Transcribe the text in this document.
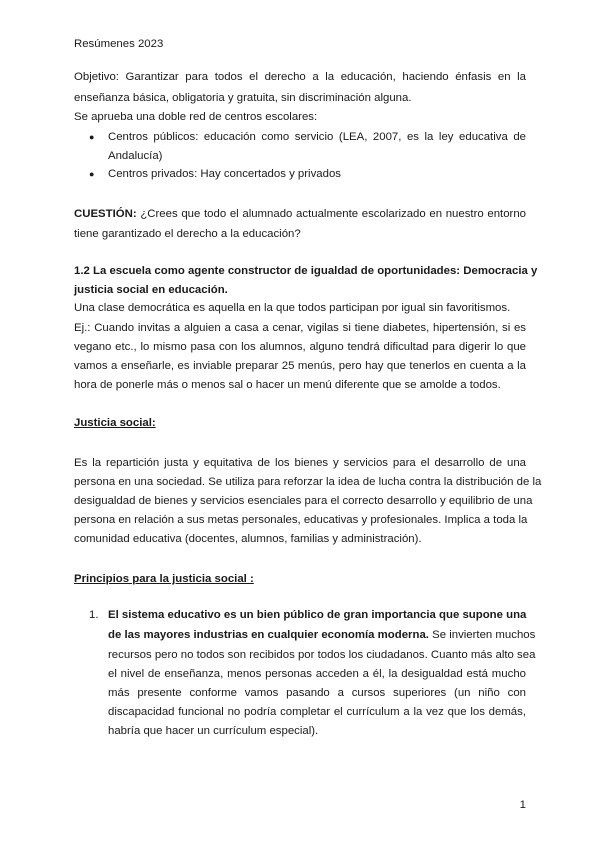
Resúmenes 2023
Objetivo: Garantizar para todos el derecho a la educación, haciendo énfasis en la
enseñanza básica, obligatoria y gratuita, sin discriminación alguna.
Se aprueba una doble red de centros escolares:
● Centros públicos: educación como servicio (LEA, 2007, es la ley educativa de
Andalucía)
● Centros privados: Hay concertados y privados
CUESTIÓN: ¿Crees que todo el alumnado actualmente escolarizado en nuestro entorno
tiene garantizado el derecho a la educación?
1.2 La escuela como agente constructor de igualdad de oportunidades: Democracia y
justicia social en educación.
Una clase democrática es aquella en la que todos participan por igual sin favoritismos.
Ej.: Cuando invitas a alguien a casa a cenar, vigilas si tiene diabetes, hipertensión, si es
vegano etc., lo mismo pasa con los alumnos, alguno tendrá dificultad para digerir lo que
vamos a enseñarle, es inviable preparar 25 menús, pero hay que tenerlos en cuenta a la
hora de ponerle más o menos sal o hacer un menú diferente que se amolde a todos.
Justicia social:
Es la repartición justa y equitativa de los bienes y servicios para el desarrollo de una
persona en una sociedad. Se utiliza para reforzar la idea de lucha contra la distribución de la
desigualdad de bienes y servicios esenciales para el correcto desarrollo y equilibrio de una
persona en relación a sus metas personales, educativas y profesionales. Implica a toda la
comunidad educativa (docentes, alumnos, familias y administración).
Principios para la justicia social :
1. El sistema educativo es un bien público de gran importancia que supone una
de las mayores industrias en cualquier economía moderna. Se invierten muchos
recursos pero no todos son recibidos por todos los ciudadanos. Cuanto más alto sea
el nivel de enseñanza, menos personas acceden a él, la desigualdad está mucho
más presente conforme vamos pasando a cursos superiores (un niño con
discapacidad funcional no podría completar el currículum a la vez que los demás,
habría que hacer un currículum especial).
1
